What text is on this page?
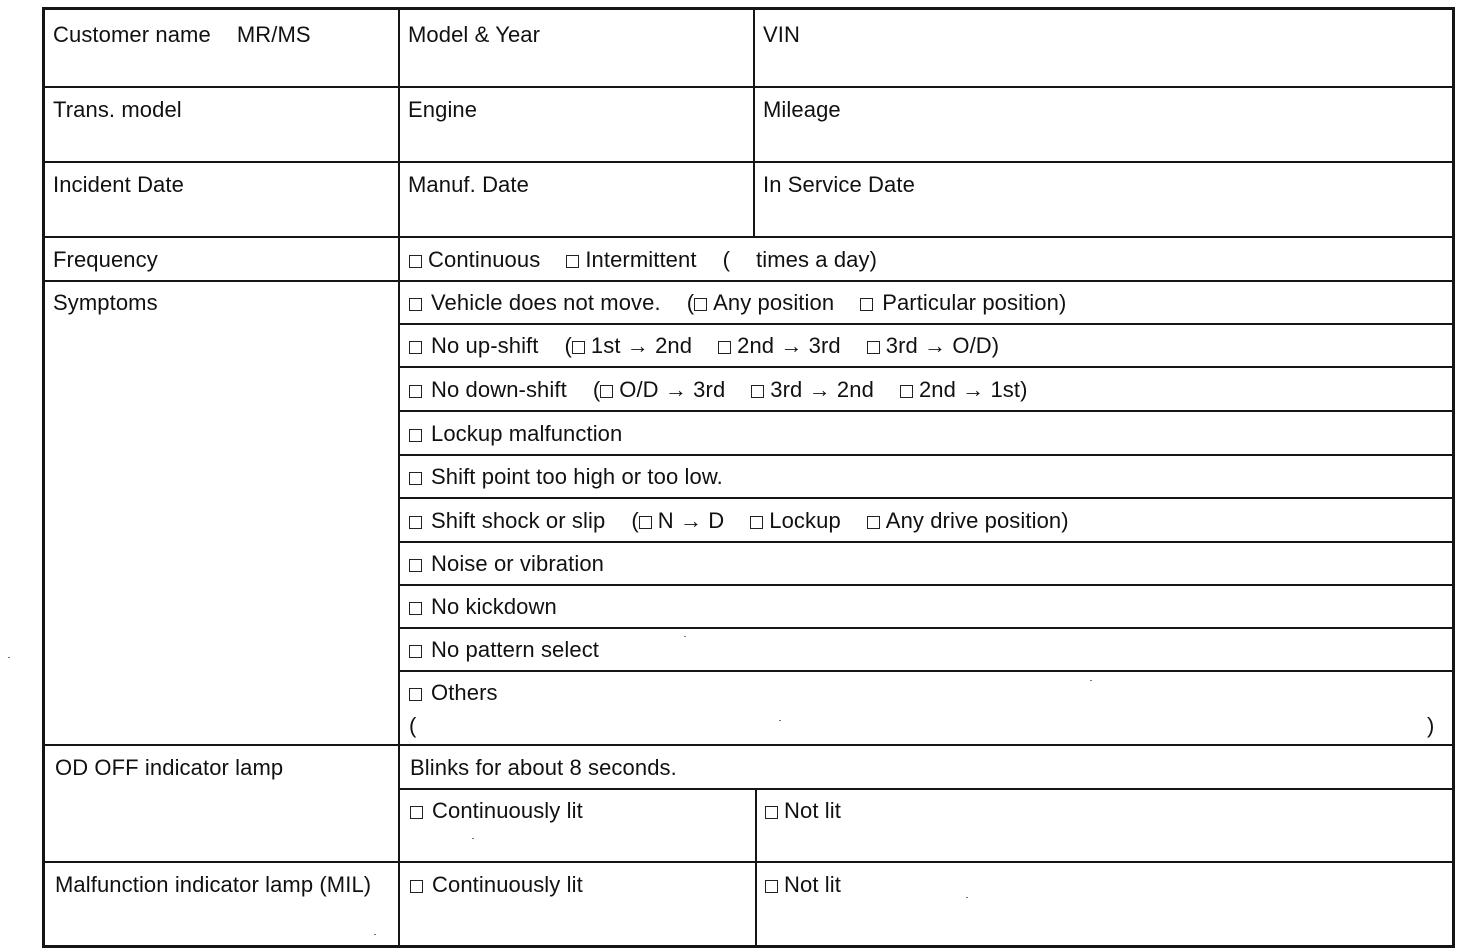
Customer name MR/MS	Model & Year	VIN
Trans. model	Engine	Mileage
Incident Date	Manuf. Date	In Service Date
Frequency	Continuous Intermittent ( times a day)
Symptoms	Vehicle does not move. ( Any position Particular position)
No up-shift ( 1st → 2nd 2nd → 3rd 3rd → O/D)
No down-shift ( O/D → 3rd 3rd → 2nd 2nd → 1st)
Lockup malfunction
Shift point too high or too low.
Shift shock or slip ( N → D Lockup Any drive position)
Noise or vibration
No kickdown
No pattern select
Others
(	)
OD OFF indicator lamp	Blinks for about 8 seconds.
Continuously lit	Not lit
Malfunction indicator lamp (MIL)	Continuously lit	Not lit
